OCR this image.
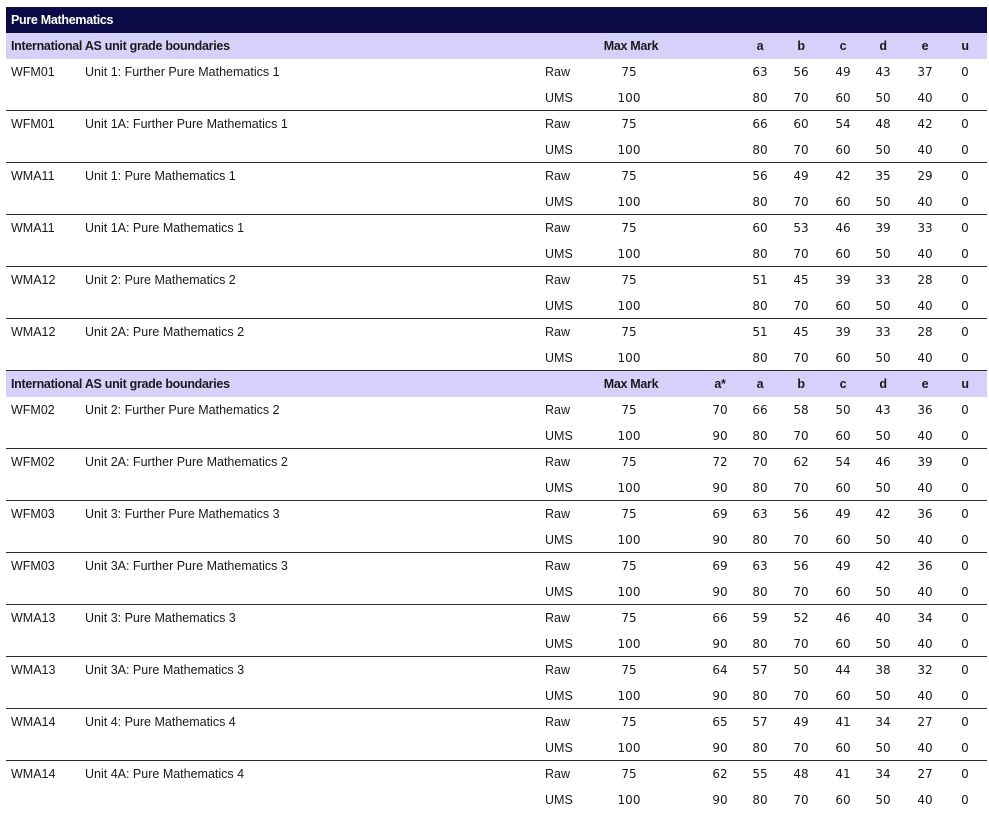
Pure Mathematics
International AS unit grade boundaries	Max Mark	a	b	c	d	e	u
WFM01 Unit 1: Further Pure Mathematics 1	Raw	75	63	56	49	43	37	0
UMS	100	80	70	60	50	40	0
WFM01 Unit 1A: Further Pure Mathematics 1	Raw	75	66	60	54	48	42	0
UMS	100	80	70	60	50	40	0
WMA11 Unit 1: Pure Mathematics 1	Raw	75	56	49	42	35	29	0
UMS	100	80	70	60	50	40	0
WMA11 Unit 1A: Pure Mathematics 1	Raw	75	60	53	46	39	33	0
UMS	100	80	70	60	50	40	0
WMA12 Unit 2: Pure Mathematics 2	Raw	75	51	45	39	33	28	0
UMS	100	80	70	60	50	40	0
WMA12 Unit 2A: Pure Mathematics 2	Raw	75	51	45	39	33	28	0
UMS	100	80	70	60	50	40	0
International AS unit grade boundaries	Max Mark	a*	a	b	c	d	e	u
WFM02 Unit 2: Further Pure Mathematics 2	Raw	75	70	66	58	50	43	36	0
UMS	100	90	80	70	60	50	40	0
WFM02 Unit 2A: Further Pure Mathematics 2	Raw	75	72	70	62	54	46	39	0
UMS	100	90	80	70	60	50	40	0
WFM03 Unit 3: Further Pure Mathematics 3	Raw	75	69	63	56	49	42	36	0
UMS	100	90	80	70	60	50	40	0
WFM03 Unit 3A: Further Pure Mathematics 3	Raw	75	69	63	56	49	42	36	0
UMS	100	90	80	70	60	50	40	0
WMA13 Unit 3: Pure Mathematics 3	Raw	75	66	59	52	46	40	34	0
UMS	100	90	80	70	60	50	40	0
WMA13 Unit 3A: Pure Mathematics 3	Raw	75	64	57	50	44	38	32	0
UMS	100	90	80	70	60	50	40	0
WMA14 Unit 4: Pure Mathematics 4	Raw	75	65	57	49	41	34	27	0
UMS	100	90	80	70	60	50	40	0
WMA14 Unit 4A: Pure Mathematics 4	Raw	75	62	55	48	41	34	27	0
UMS	100	90	80	70	60	50	40	0
